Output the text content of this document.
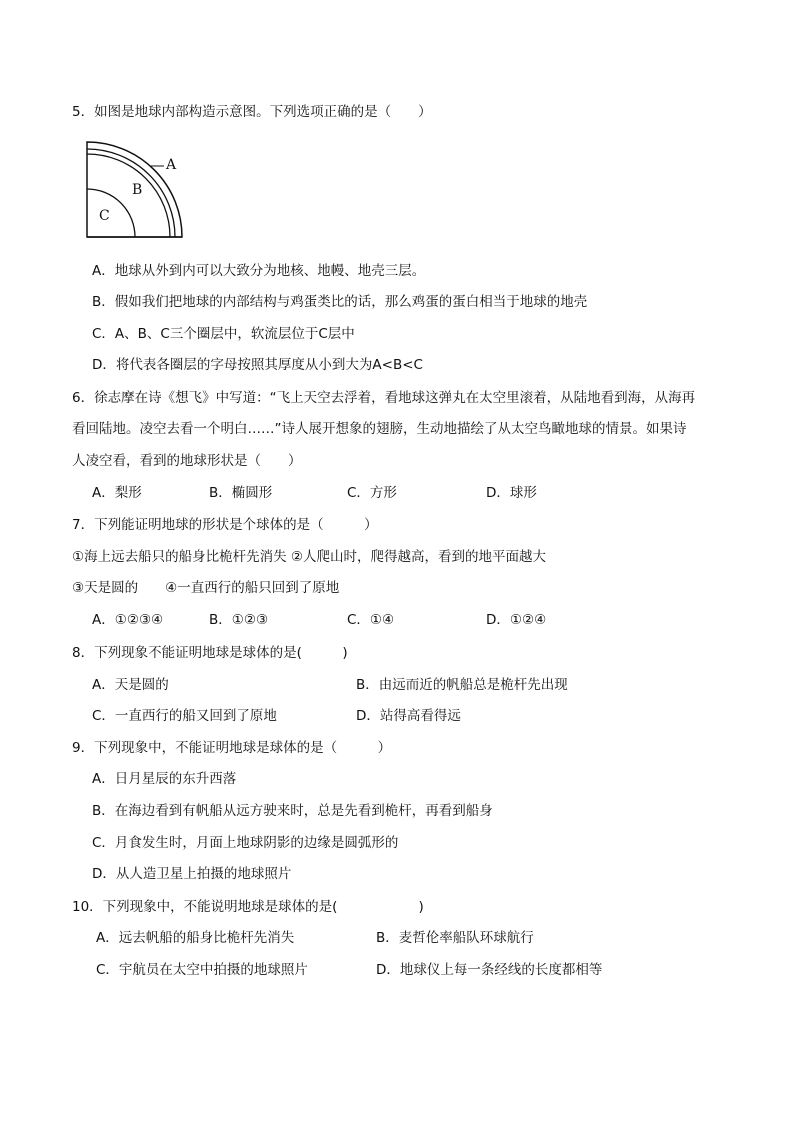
5．如图是地球内部构造示意图。下列选项正确的是（　　）
A
B
C
A．地球从外到内可以大致分为地核、地幔、地壳三层。
B．假如我们把地球的内部结构与鸡蛋类比的话，那么鸡蛋的蛋白相当于地球的地壳
C．A、B、C三个圈层中，软流层位于C层中
D．将代表各圈层的字母按照其厚度从小到大为A<B<C
6．徐志摩在诗《想飞》中写道：“飞上天空去浮着，看地球这弹丸在太空里滚着，从陆地看到海，从海再
看回陆地。凌空去看一个明白……”诗人展开想象的翅膀，生动地描绘了从太空鸟瞰地球的情景。如果诗
人凌空看，看到的地球形状是（　　）
A．梨形	B．椭圆形	C．方形	D．球形
7．下列能证明地球的形状是个球体的是（　　　）
①海上远去船只的船身比桅杆先消失 ②人爬山时，爬得越高，看到的地平面越大
③天是圆的　　④一直西行的船只回到了原地
A．①②③④	B．①②③	C．①④	D．①②④
8．下列现象不能证明地球是球体的是(　　　)
A．天是圆的	B．由远而近的帆船总是桅杆先出现
C．一直西行的船又回到了原地	D．站得高看得远
9．下列现象中，不能证明地球是球体的是（　　　）
A．日月星辰的东升西落
B．在海边看到有帆船从远方驶来时，总是先看到桅杆，再看到船身
C．月食发生时，月面上地球阴影的边缘是圆弧形的
D．从人造卫星上拍摄的地球照片
10．下列现象中，不能说明地球是球体的是(　　　　　　)
A．远去帆船的船身比桅杆先消失	B．麦哲伦率船队环球航行
C．宇航员在太空中拍摄的地球照片	D．地球仪上每一条经线的长度都相等
